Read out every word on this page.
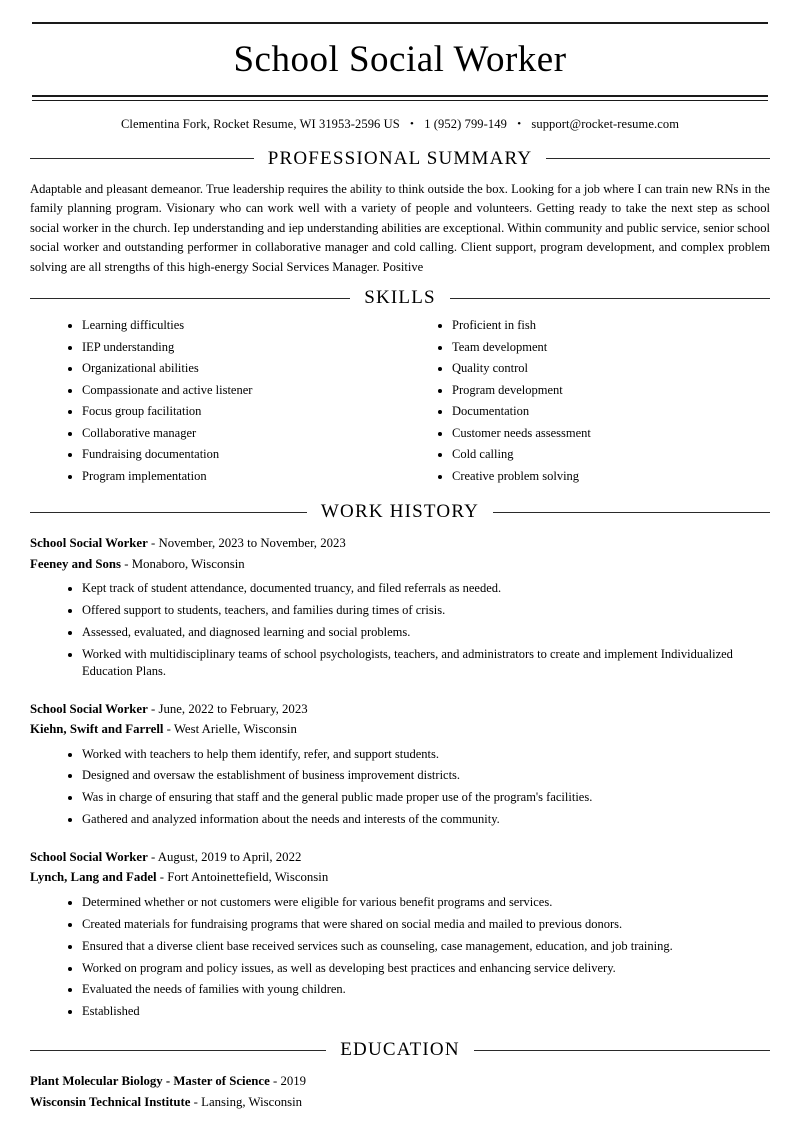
School Social Worker
Clementina Fork, Rocket Resume, WI 31953-2596 US • 1 (952) 799-149 • support@rocket-resume.com
PROFESSIONAL SUMMARY

Adaptable and pleasant demeanor. True leadership requires the ability to think outside the box. Looking for a job where I can train new RNs in the family planning program. Visionary who can work well with a variety of people and volunteers. Getting ready to take the next step as school social worker in the church. Iep understanding and iep understanding abilities are exceptional. Within community and public service, senior school social worker and outstanding performer in collaborative manager and cold calling. Client support, program development, and complex problem solving are all strengths of this high-energy Social Services Manager. Positive

SKILLS
• Learning difficulties
• IEP understanding
• Organizational abilities
• Compassionate and active listener
• Focus group facilitation
• Collaborative manager
• Fundraising documentation
• Program implementation
• Proficient in fish
• Team development
• Quality control
• Program development
• Documentation
• Customer needs assessment
• Cold calling
• Creative problem solving
WORK HISTORY
School Social Worker - November, 2023 to November, 2023
Feeney and Sons - Monaboro, Wisconsin
• Kept track of student attendance, documented truancy, and filed referrals as needed.
• Offered support to students, teachers, and families during times of crisis.
• Assessed, evaluated, and diagnosed learning and social problems.
• Worked with multidisciplinary teams of school psychologists, teachers, and administrators to create and implement Individualized Education Plans.
School Social Worker - June, 2022 to February, 2023
Kiehn, Swift and Farrell - West Arielle, Wisconsin
• Worked with teachers to help them identify, refer, and support students.
• Designed and oversaw the establishment of business improvement districts.
• Was in charge of ensuring that staff and the general public made proper use of the program's facilities.
• Gathered and analyzed information about the needs and interests of the community.
School Social Worker - August, 2019 to April, 2022
Lynch, Lang and Fadel - Fort Antoinettefield, Wisconsin
• Determined whether or not customers were eligible for various benefit programs and services.
• Created materials for fundraising programs that were shared on social media and mailed to previous donors.
• Ensured that a diverse client base received services such as counseling, case management, education, and job training.
• Worked on program and policy issues, as well as developing best practices and enhancing service delivery.
• Evaluated the needs of families with young children.
• Established
EDUCATION
Plant Molecular Biology - Master of Science - 2019
Wisconsin Technical Institute - Lansing, Wisconsin
